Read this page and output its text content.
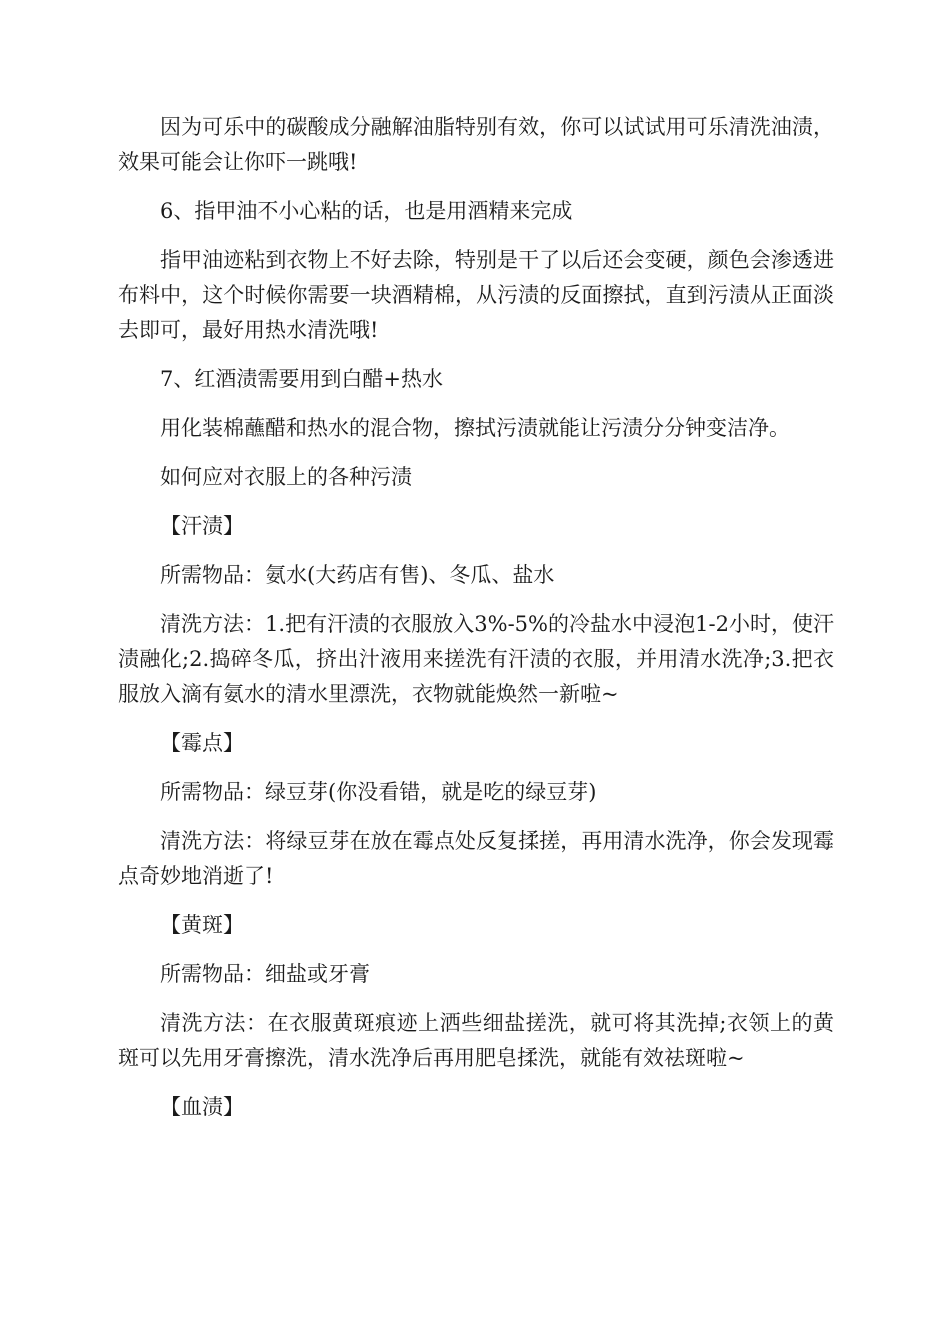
因为可乐中的碳酸成分融解油脂特别有效，你可以试试用可乐清洗油渍，效果可能会让你吓一跳哦!

6、指甲油不小心粘的话，也是用酒精来完成

指甲油迹粘到衣物上不好去除，特别是干了以后还会变硬，颜色会渗透进布料中，这个时候你需要一块酒精棉，从污渍的反面擦拭，直到污渍从正面淡去即可，最好用热水清洗哦!

7、红酒渍需要用到白醋+热水

用化装棉蘸醋和热水的混合物，擦拭污渍就能让污渍分分钟变洁净。

如何应对衣服上的各种污渍

【汗渍】

所需物品：氨水(大药店有售)、冬瓜、盐水

清洗方法：1.把有汗渍的衣服放入3%-5%的冷盐水中浸泡1-2小时，使汗渍融化;2.捣碎冬瓜，挤出汁液用来搓洗有汗渍的衣服，并用清水洗净;3.把衣服放入滴有氨水的清水里漂洗，衣物就能焕然一新啦~

【霉点】

所需物品：绿豆芽(你没看错，就是吃的绿豆芽)

清洗方法：将绿豆芽在放在霉点处反复揉搓，再用清水洗净，你会发现霉点奇妙地消逝了!

【黄斑】

所需物品：细盐或牙膏

清洗方法：在衣服黄斑痕迹上洒些细盐搓洗，就可将其洗掉;衣领上的黄斑可以先用牙膏擦洗，清水洗净后再用肥皂揉洗，就能有效祛斑啦~

【血渍】
